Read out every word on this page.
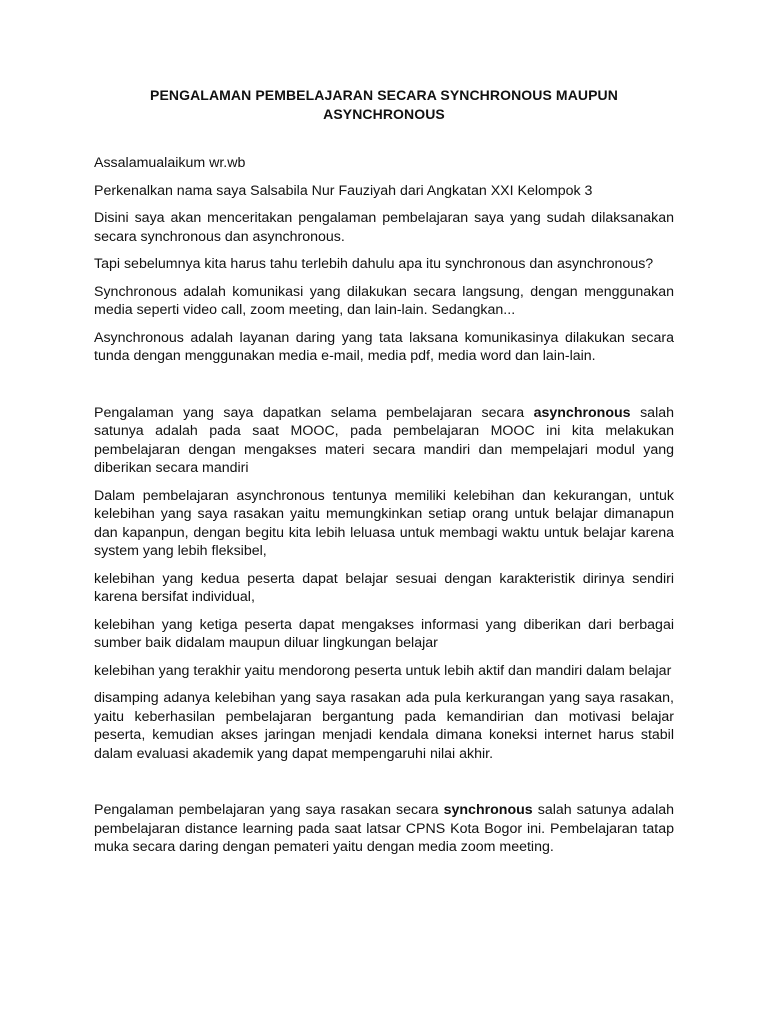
PENGALAMAN PEMBELAJARAN SECARA SYNCHRONOUS MAUPUN
ASYNCHRONOUS

Assalamualaikum wr.wb

Perkenalkan nama saya Salsabila Nur Fauziyah dari Angkatan XXI Kelompok 3

Disini saya akan menceritakan pengalaman pembelajaran saya yang sudah dilaksanakan secara synchronous dan asynchronous.

Tapi sebelumnya kita harus tahu terlebih dahulu apa itu synchronous dan asynchronous?

Synchronous adalah komunikasi yang dilakukan secara langsung, dengan menggunakan media seperti video call, zoom meeting, dan lain-lain. Sedangkan...

Asynchronous adalah layanan daring yang tata laksana komunikasinya dilakukan secara tunda dengan menggunakan media e-mail, media pdf, media word dan lain-lain.

Pengalaman yang saya dapatkan selama pembelajaran secara asynchronous salah satunya adalah pada saat MOOC, pada pembelajaran MOOC ini kita melakukan pembelajaran dengan mengakses materi secara mandiri dan mempelajari modul yang diberikan secara mandiri

Dalam pembelajaran asynchronous tentunya memiliki kelebihan dan kekurangan, untuk kelebihan yang saya rasakan yaitu memungkinkan setiap orang untuk belajar dimanapun dan kapanpun, dengan begitu kita lebih leluasa untuk membagi waktu untuk belajar karena system yang lebih fleksibel,

kelebihan yang kedua peserta dapat belajar sesuai dengan karakteristik dirinya sendiri karena bersifat individual,

kelebihan yang ketiga peserta dapat mengakses informasi yang diberikan dari berbagai sumber baik didalam maupun diluar lingkungan belajar

kelebihan yang terakhir yaitu mendorong peserta untuk lebih aktif dan mandiri dalam belajar

disamping adanya kelebihan yang saya rasakan ada pula kerkurangan yang saya rasakan, yaitu keberhasilan pembelajaran bergantung pada kemandirian dan motivasi belajar peserta, kemudian akses jaringan menjadi kendala dimana koneksi internet harus stabil dalam evaluasi akademik yang dapat mempengaruhi nilai akhir.

Pengalaman pembelajaran yang saya rasakan secara synchronous salah satunya adalah pembelajaran distance learning pada saat latsar CPNS Kota Bogor ini. Pembelajaran tatap muka secara daring dengan pemateri yaitu dengan media zoom meeting.
